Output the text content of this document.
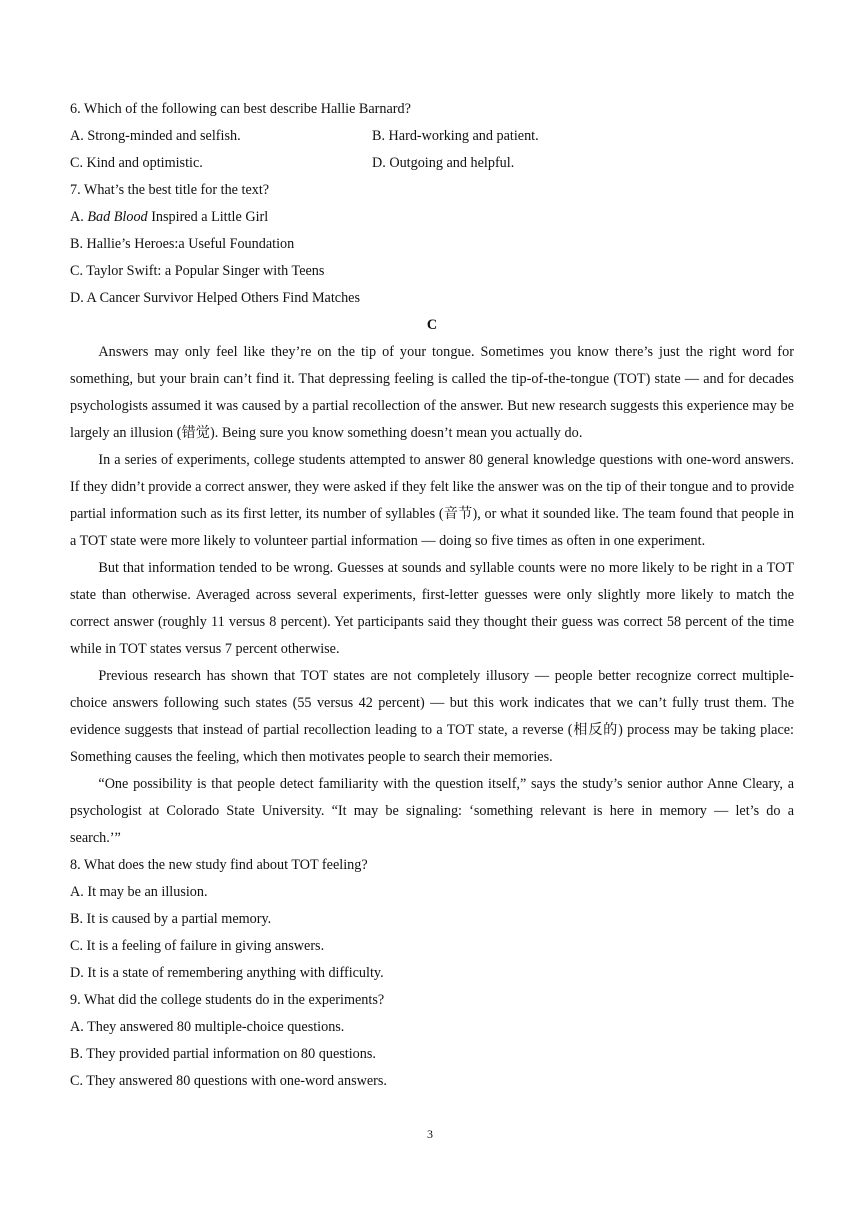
6. Which of the following can best describe Hallie Barnard?
A. Strong-minded and selfish.	B. Hard-working and patient.
C. Kind and optimistic.	D. Outgoing and helpful.
7. What’s the best title for the text?
A. Bad Blood Inspired a Little Girl
B. Hallie’s Heroes:a Useful Foundation
C. Taylor Swift: a Popular Singer with Teens
D. A Cancer Survivor Helped Others Find Matches
C

Answers may only feel like they’re on the tip of your tongue. Sometimes you know there’s just the right word for something, but your brain can’t find it. That depressing feeling is called the tip-of-the-tongue (TOT) state — and for decades psychologists assumed it was caused by a partial recollection of the answer. But new research suggests this experience may be largely an illusion (错觉). Being sure you know something doesn’t mean you actually do.

In a series of experiments, college students attempted to answer 80 general knowledge questions with one-word answers. If they didn’t provide a correct answer, they were asked if they felt like the answer was on the tip of their tongue and to provide partial information such as its first letter, its number of syllables (音节), or what it sounded like. The team found that people in a TOT state were more likely to volunteer partial information — doing so five times as often in one experiment.

But that information tended to be wrong. Guesses at sounds and syllable counts were no more likely to be right in a TOT state than otherwise. Averaged across several experiments, first-letter guesses were only slightly more likely to match the correct answer (roughly 11 versus 8 percent). Yet participants said they thought their guess was correct 58 percent of the time while in TOT states versus 7 percent otherwise.

Previous research has shown that TOT states are not completely illusory — people better recognize correct multiple-choice answers following such states (55 versus 42 percent) — but this work indicates that we can’t fully trust them. The evidence suggests that instead of partial recollection leading to a TOT state, a reverse (相反的) process may be taking place: Something causes the feeling, which then motivates people to search their memories.

“One possibility is that people detect familiarity with the question itself,” says the study’s senior author Anne Cleary, a psychologist at Colorado State University. “It may be signaling: ‘something relevant is here in memory — let’s do a search.’”

8. What does the new study find about TOT feeling?
A. It may be an illusion.
B. It is caused by a partial memory.
C. It is a feeling of failure in giving answers.
D. It is a state of remembering anything with difficulty.
9. What did the college students do in the experiments?
A. They answered 80 multiple-choice questions.
B. They provided partial information on 80 questions.
C. They answered 80 questions with one-word answers.
3
